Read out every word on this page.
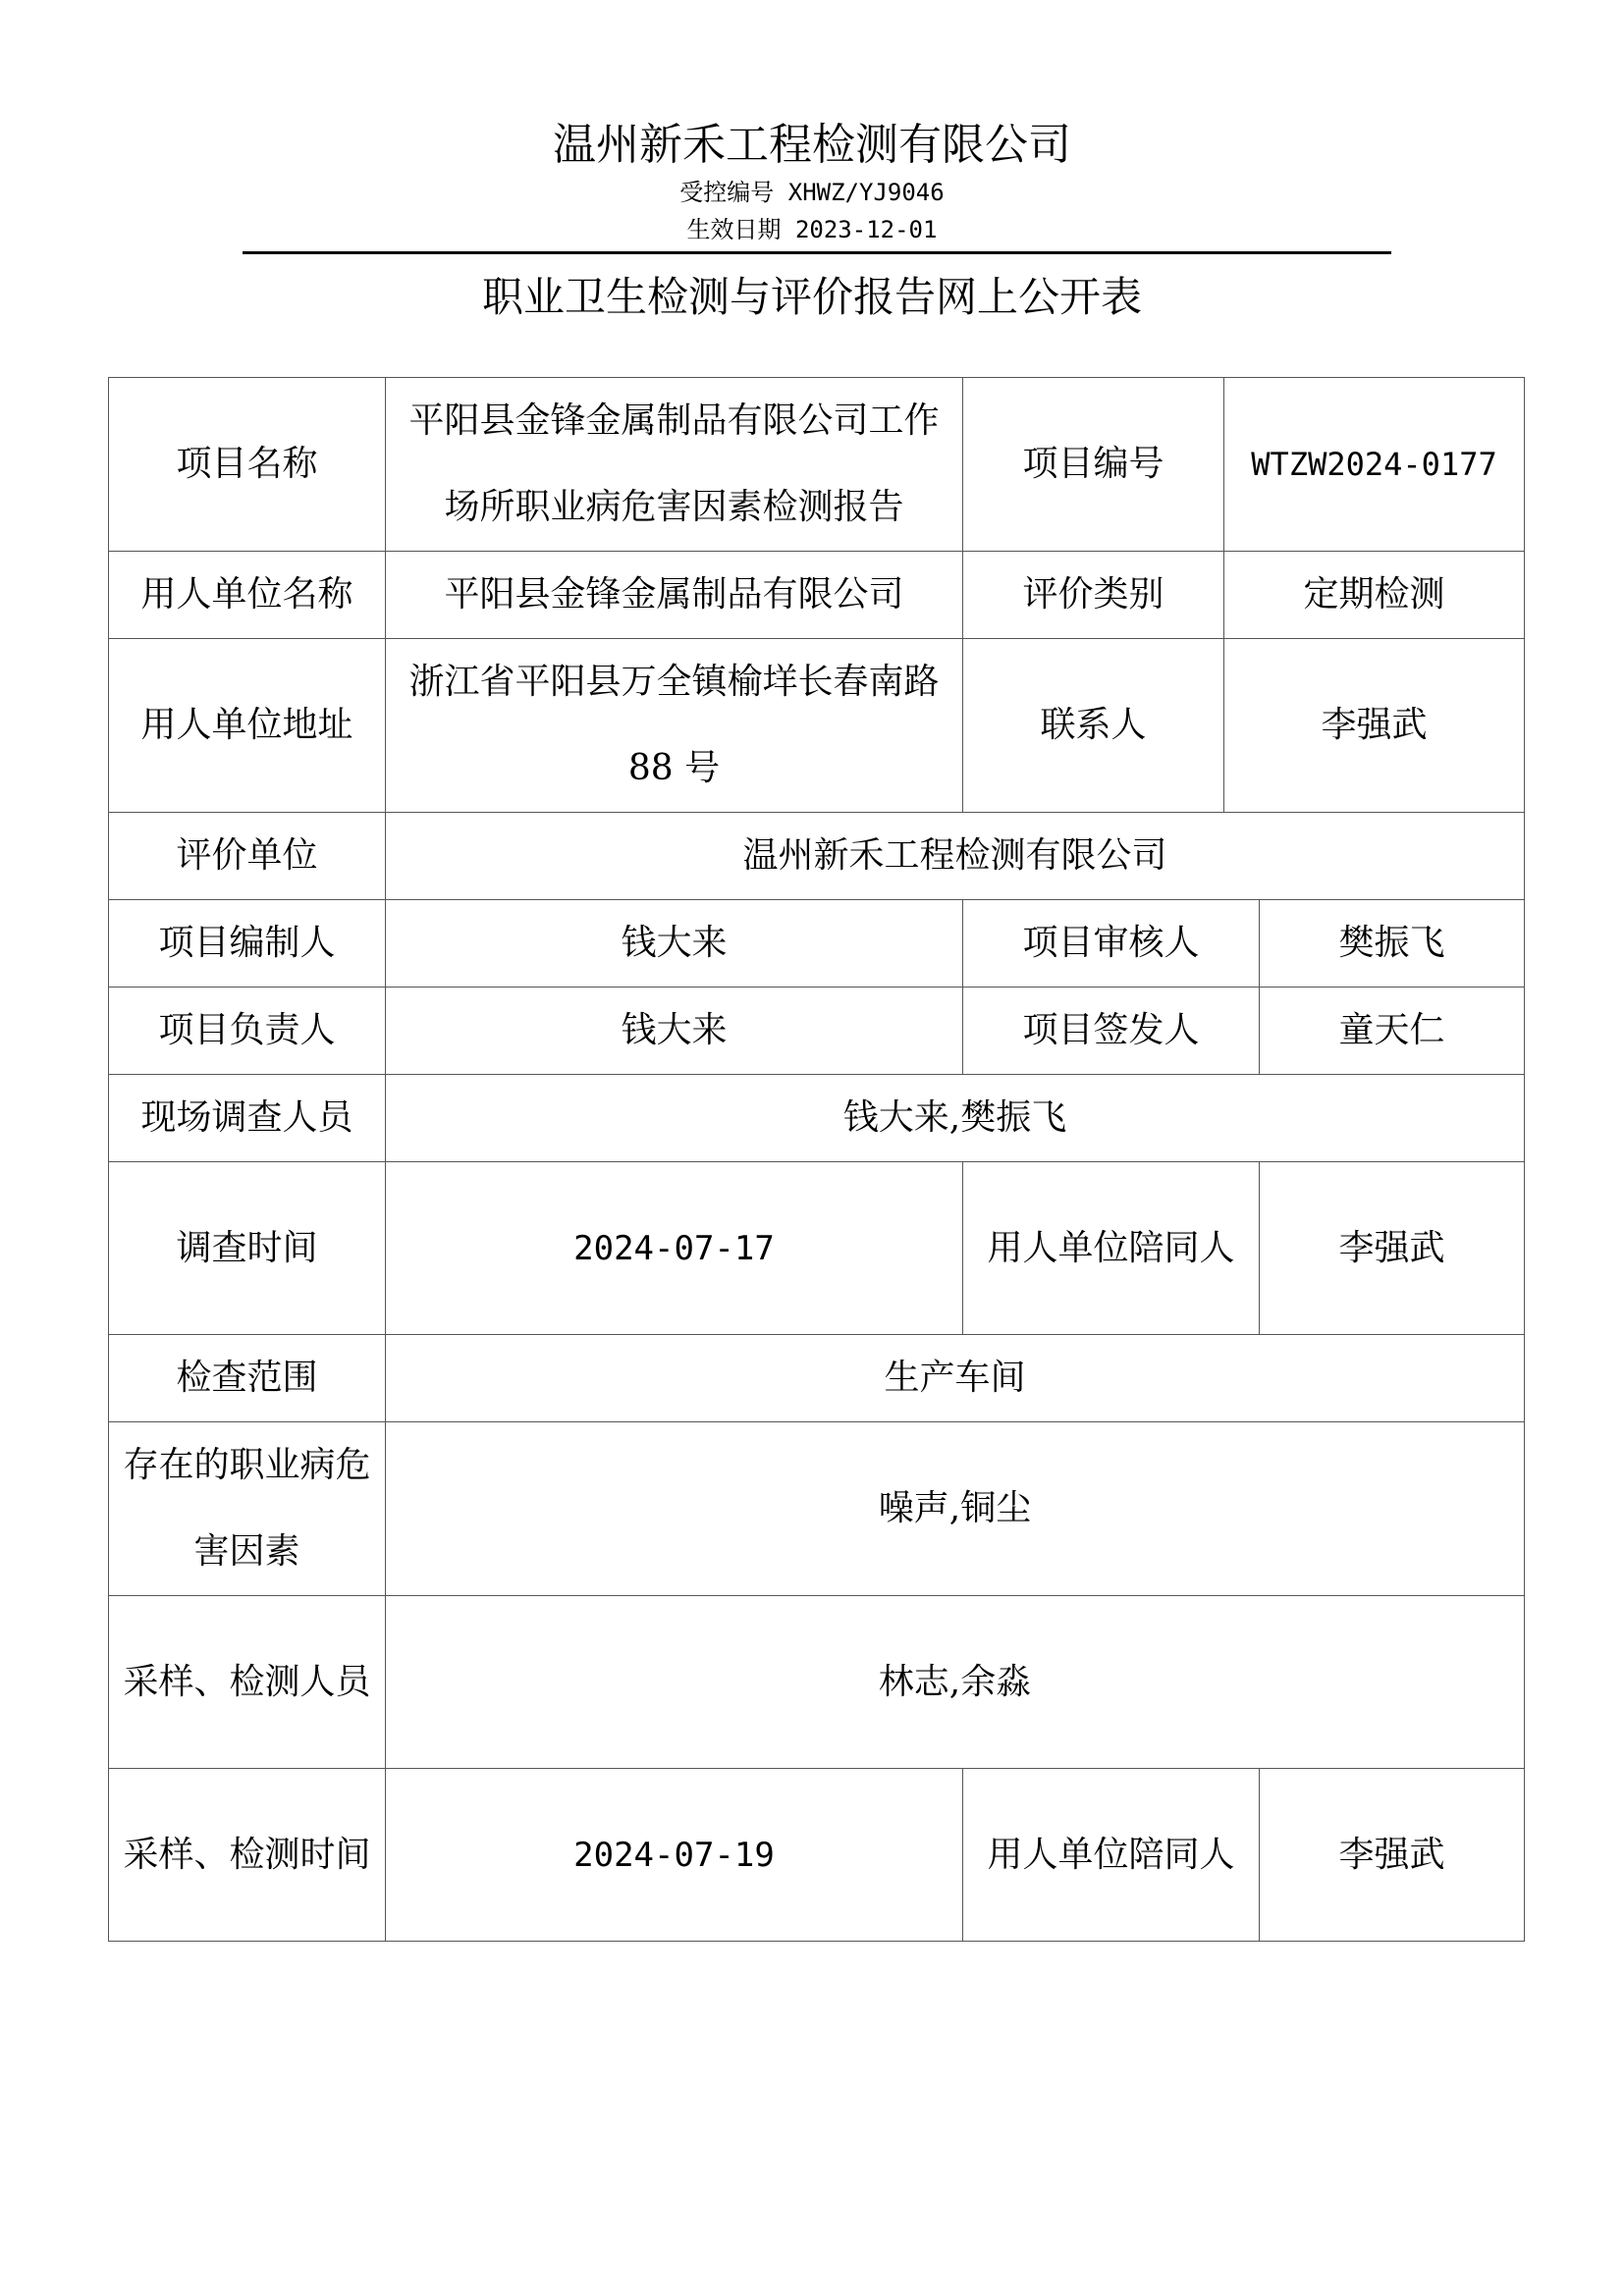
温州新禾工程检测有限公司
受控编号 XHWZ/YJ9046
生效日期 2023-12-01
职业卫生检测与评价报告网上公开表
项目名称	平阳县金锋金属制品有限公司工作场所职业病危害因素检测报告	项目编号	WTZW2024-0177	
用人单位名称	平阳县金锋金属制品有限公司	评价类别	定期检测	
用人单位地址	浙江省平阳县万全镇榆垟长春南路 88 号	联系人	李强武	
评价单位	温州新禾工程检测有限公司			
项目编制人	钱大来	项目审核人		樊振飞
项目负责人	钱大来	项目签发人		童天仁
现场调查人员	钱大来,樊振飞			
调查时间	2024-07-17	用人单位陪同人		李强武
检查范围	生产车间			
存在的职业病危害因素	噪声,铜尘			
采样、检测人员	林志,余淼			
采样、检测时间	2024-07-19	用人单位陪同人		李强武
